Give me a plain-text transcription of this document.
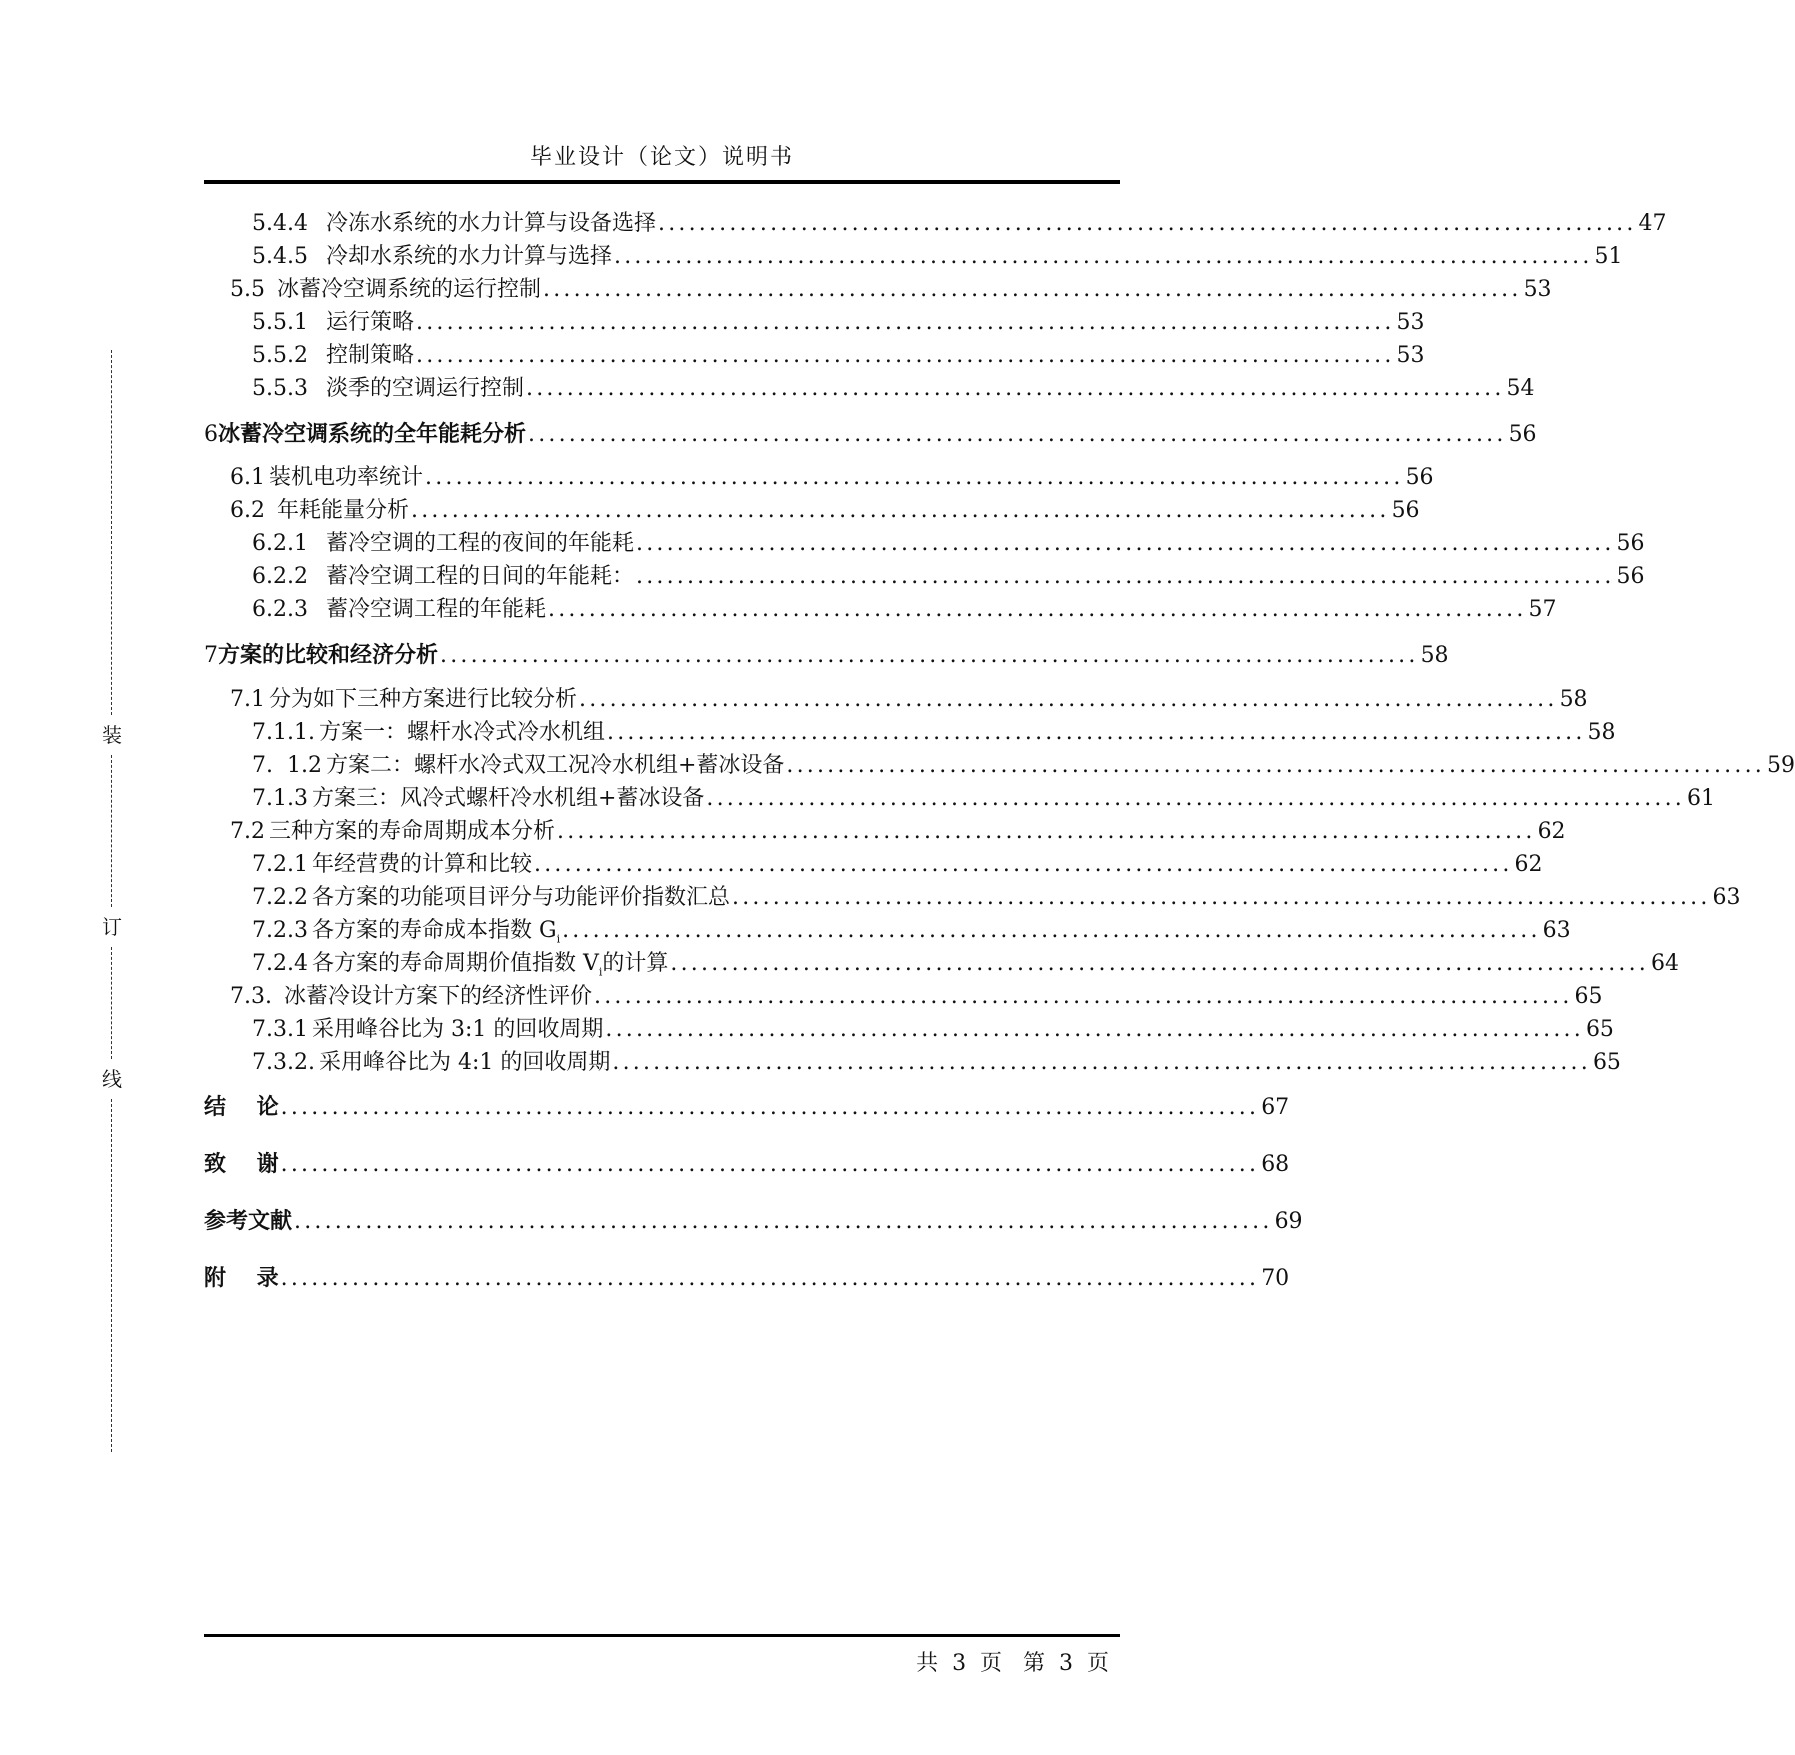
毕业设计（论文）说明书
装
订
线
5.4.4 冷冻水系统的水力计算与设备选择 ................................................................................................ 47
5.4.5 冷却水系统的水力计算与选择 ................................................................................................ 51
5.5 冰蓄冷空调系统的运行控制 ................................................................................................ 53
5.5.1 运行策略 ................................................................................................ 53
5.5.2 控制策略 ................................................................................................ 53
5.5.3 淡季的空调运行控制 ................................................................................................ 54
6 冰蓄冷空调系统的全年能耗分析 ................................................................................................ 56
6.1 装机电功率统计 ................................................................................................ 56
6.2 年耗能量分析 ................................................................................................ 56
6.2.1 蓄冷空调的工程的夜间的年能耗 ................................................................................................ 56
6.2.2 蓄冷空调工程的日间的年能耗： ................................................................................................ 56
6.2.3 蓄冷空调工程的年能耗 ................................................................................................ 57
7 方案的比较和经济分析 ................................................................................................ 58
7.1 分为如下三种方案进行比较分析 ................................................................................................ 58
7.1.1. 方案一：螺杆水冷式冷水机组 ................................................................................................ 58
7.  1.2 方案二：螺杆水冷式双工况冷水机组+蓄冰设备 ................................................................................................ 59
7.1.3 方案三：风冷式螺杆冷水机组+蓄冰设备 ................................................................................................ 61
7.2 三种方案的寿命周期成本分析 ................................................................................................ 62
7.2.1 年经营费的计算和比较 ................................................................................................ 62
7.2.2 各方案的功能项目评分与功能评价指数汇总 ................................................................................................ 63
7.2.3 各方案的寿命成本指数 $G_i$ ................................................................................................ 63
7.2.4 各方案的寿命周期价值指数 $V_i$的计算 ................................................................................................ 64
7.3. 冰蓄冷设计方案下的经济性评价 ................................................................................................ 65
7.3.1 采用峰谷比为 3:1 的回收周期 ................................................................................................ 65
7.3.2. 采用峰谷比为 4:1 的回收周期 ................................................................................................ 65
结    论 ................................................................................................ 67
致    谢 ................................................................................................ 68
参考文献 ................................................................................................ 69
附    录 ................................................................................................ 70
共  3  页   第  3  页
